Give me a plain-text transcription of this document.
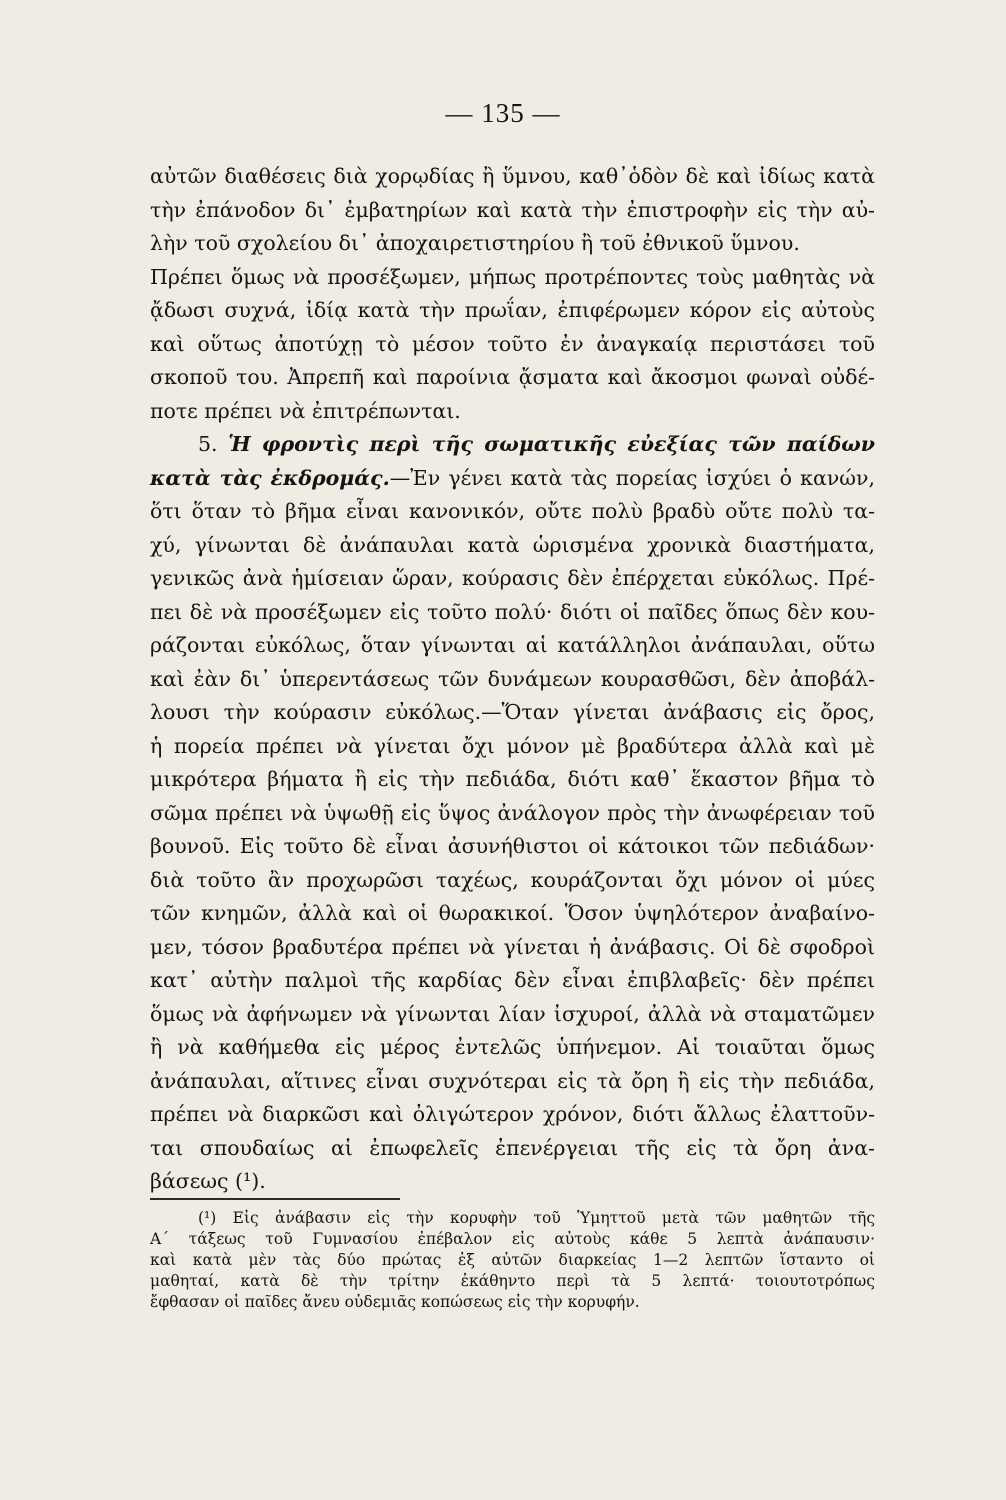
— 135 —
αὐτῶν διαθέσεις διὰ χορῳδίας ἢ ὕμνου, καθ᾽ὁδὸν δὲ καὶ ἰδίως κατὰ
τὴν ἐπάνοδον δι᾽ ἐμβατηρίων καὶ κατὰ τὴν ἐπιστροφὴν εἰς τὴν αὐ-
λὴν τοῦ σχολείου δι᾽ ἀποχαιρετιστηρίου ἢ τοῦ ἐθνικοῦ ὕμνου.
Πρέπει ὅμως νὰ προσέξωμεν, μήπως προτρέποντες τοὺς μαθητὰς νὰ
ᾄδωσι συχνά, ἰδίᾳ κατὰ τὴν πρωΐαν, ἐπιφέρωμεν κόρον εἰς αὐτοὺς
καὶ οὕτως ἀποτύχῃ τὸ μέσον τοῦτο ἐν ἀναγκαίᾳ περιστάσει τοῦ
σκοποῦ του. Ἀπρεπῆ καὶ παροίνια ᾄσματα καὶ ἄκοσμοι φωναὶ οὐδέ-
ποτε πρέπει νὰ ἐπιτρέπωνται.
5. Ἡ φροντὶς περὶ τῆς σωματικῆς εὐεξίας τῶν παίδων
κατὰ τὰς ἐκδρομάς.—Ἐν γένει κατὰ τὰς πορείας ἰσχύει ὁ κανών,
ὅτι ὅταν τὸ βῆμα εἶναι κανονικόν, οὔτε πολὺ βραδὺ οὔτε πολὺ τα-
χύ, γίνωνται δὲ ἀνάπαυλαι κατὰ ὡρισμένα χρονικὰ διαστήματα,
γενικῶς ἀνὰ ἡμίσειαν ὥραν, κούρασις δὲν ἐπέρχεται εὐκόλως. Πρέ-
πει δὲ νὰ προσέξωμεν εἰς τοῦτο πολύ· διότι οἱ παῖδες ὅπως δὲν κου-
ράζονται εὐκόλως, ὅταν γίνωνται αἱ κατάλληλοι ἀνάπαυλαι, οὕτω
καὶ ἐὰν δι᾽ ὑπερεντάσεως τῶν δυνάμεων κουρασθῶσι, δὲν ἀποβάλ-
λουσι τὴν κούρασιν εὐκόλως.—Ὅταν γίνεται ἀνάβασις εἰς ὄρος,
ἡ πορεία πρέπει νὰ γίνεται ὄχι μόνον μὲ βραδύτερα ἀλλὰ καὶ μὲ
μικρότερα βήματα ἢ εἰς τὴν πεδιάδα, διότι καθ᾽ ἕκαστον βῆμα τὸ
σῶμα πρέπει νὰ ὑψωθῇ εἰς ὕψος ἀνάλογον πρὸς τὴν ἀνωφέρειαν τοῦ
βουνοῦ. Εἰς τοῦτο δὲ εἶναι ἀσυνήθιστοι οἱ κάτοικοι τῶν πεδιάδων·
διὰ τοῦτο ἂν προχωρῶσι ταχέως, κουράζονται ὄχι μόνον οἱ μύες
τῶν κνημῶν, ἀλλὰ καὶ οἱ θωρακικοί. Ὅσον ὑψηλότερον ἀναβαίνο-
μεν, τόσον βραδυτέρα πρέπει νὰ γίνεται ἡ ἀνάβασις. Οἱ δὲ σφοδροὶ
κατ᾽ αὐτὴν παλμοὶ τῆς καρδίας δὲν εἶναι ἐπιβλαβεῖς· δὲν πρέπει
ὅμως νὰ ἀφήνωμεν νὰ γίνωνται λίαν ἰσχυροί, ἀλλὰ νὰ σταματῶμεν
ἢ νὰ καθήμεθα εἰς μέρος ἐντελῶς ὑπήνεμον. Αἱ τοιαῦται ὅμως
ἀνάπαυλαι, αἵτινες εἶναι συχνότεραι εἰς τὰ ὄρη ἢ εἰς τὴν πεδιάδα,
πρέπει νὰ διαρκῶσι καὶ ὀλιγώτερον χρόνον, διότι ἄλλως ἐλαττοῦν-
ται σπουδαίως αἱ ἐπωφελεῖς ἐπενέργειαι τῆς εἰς τὰ ὄρη ἀνα-
βάσεως (¹).
(¹) Εἰς ἀνάβασιν εἰς τὴν κορυφὴν τοῦ Ὑμηττοῦ μετὰ τῶν μαθητῶν τῆς
Α´ τάξεως τοῦ Γυμνασίου ἐπέβαλον εἰς αὐτοὺς κάθε 5 λεπτὰ ἀνάπαυσιν·
καὶ κατὰ μὲν τὰς δύο πρώτας ἐξ αὐτῶν διαρκείας 1—2 λεπτῶν ἵσταντο οἱ
μαθηταί, κατὰ δὲ τὴν τρίτην ἐκάθηντο περὶ τὰ 5 λεπτά· τοιουτοτρόπως
ἔφθασαν οἱ παῖδες ἄνευ οὐδεμιᾶς κοπώσεως εἰς τὴν κορυφήν.
